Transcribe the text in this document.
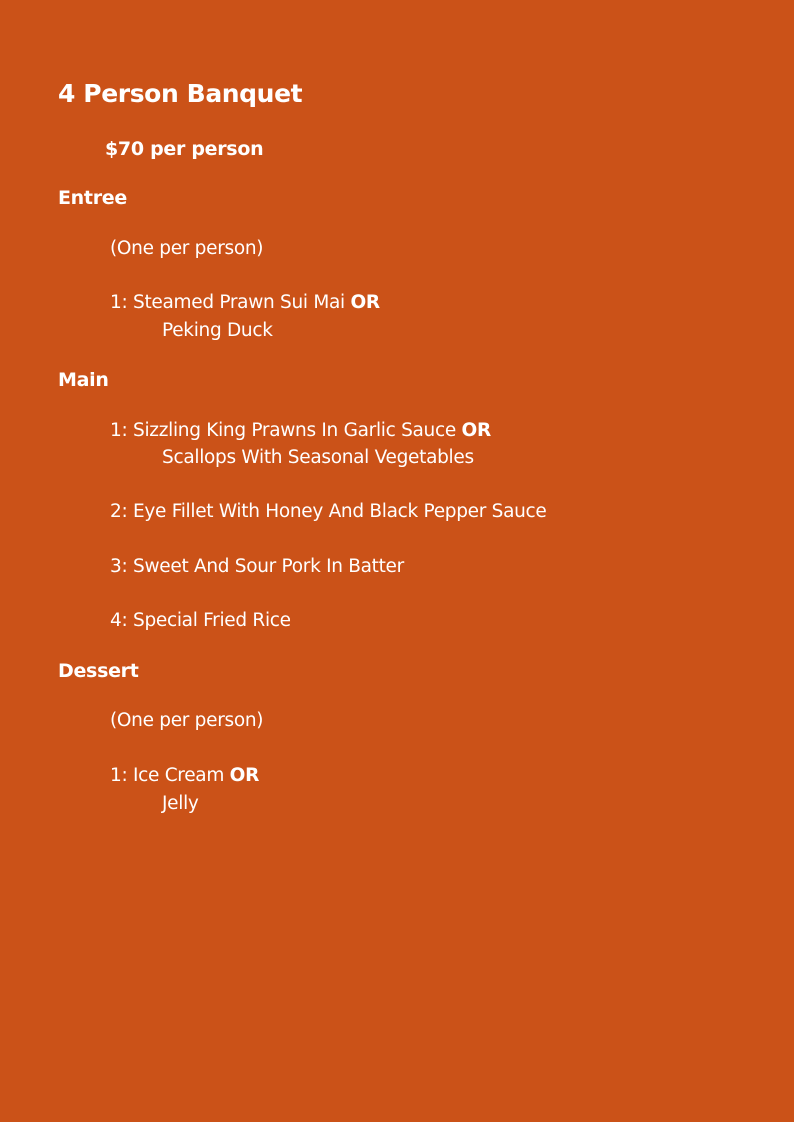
4 Person Banquet
$70 per person
Entree
(One per person)
1: Steamed Prawn Sui Mai OR
Peking Duck
Main
1: Sizzling King Prawns In Garlic Sauce OR
Scallops With Seasonal Vegetables
2: Eye Fillet With Honey And Black Pepper Sauce
3: Sweet And Sour Pork In Batter
4: Special Fried Rice
Dessert
(One per person)
1: Ice Cream OR
Jelly
